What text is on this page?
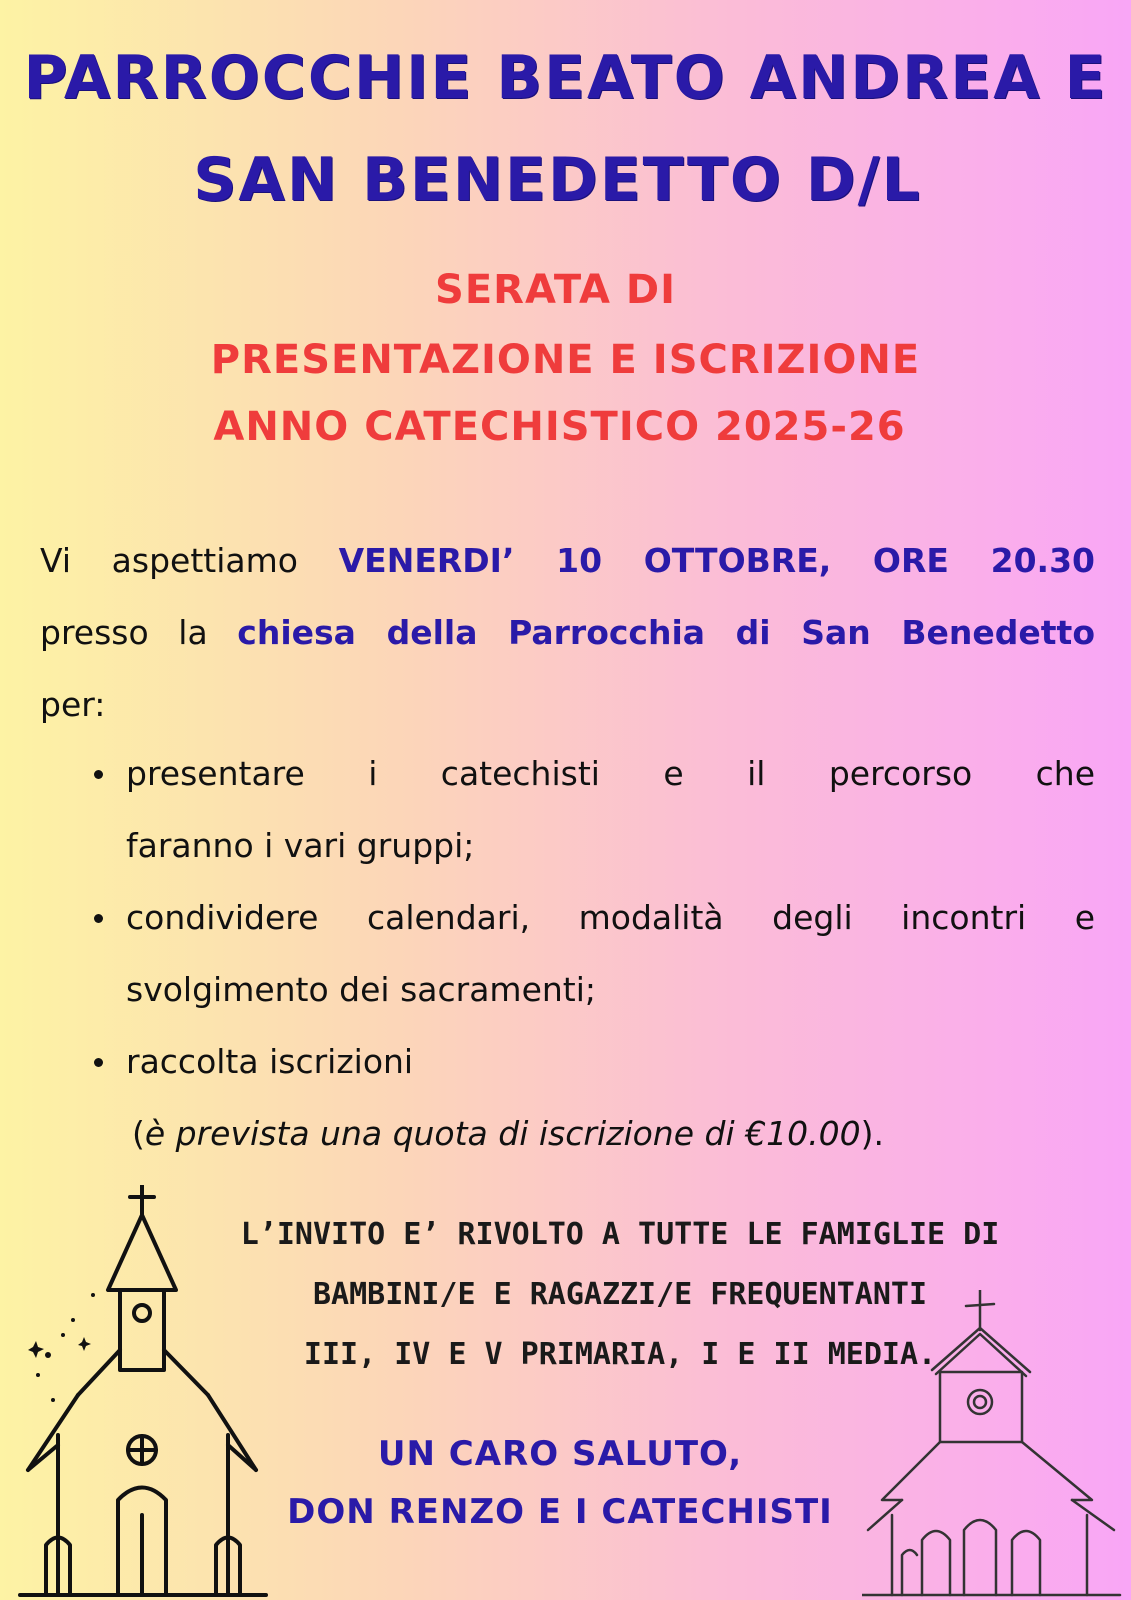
PARROCCHIE BEATO ANDREA E
SAN BENEDETTO D/L
SERATA DI
PRESENTAZIONE E ISCRIZIONE
ANNO CATECHISTICO 2025-26
Vi aspettiamo VENERDI’ 10 OTTOBRE, ORE 20.30
presso la chiesa della Parrocchia di San Benedetto
per:
presentare i catechisti e il percorso che
faranno i vari gruppi;
condividere calendari, modalità degli incontri e
svolgimento dei sacramenti;
raccolta iscrizioni
(è prevista una quota di iscrizione di €10.00).
L’INVITO E’ RIVOLTO A TUTTE LE FAMIGLIE DI
BAMBINI/E E RAGAZZI/E FREQUENTANTI
III, IV E V PRIMARIA, I E II MEDIA.
UN CARO SALUTO,
DON RENZO E I CATECHISTI
